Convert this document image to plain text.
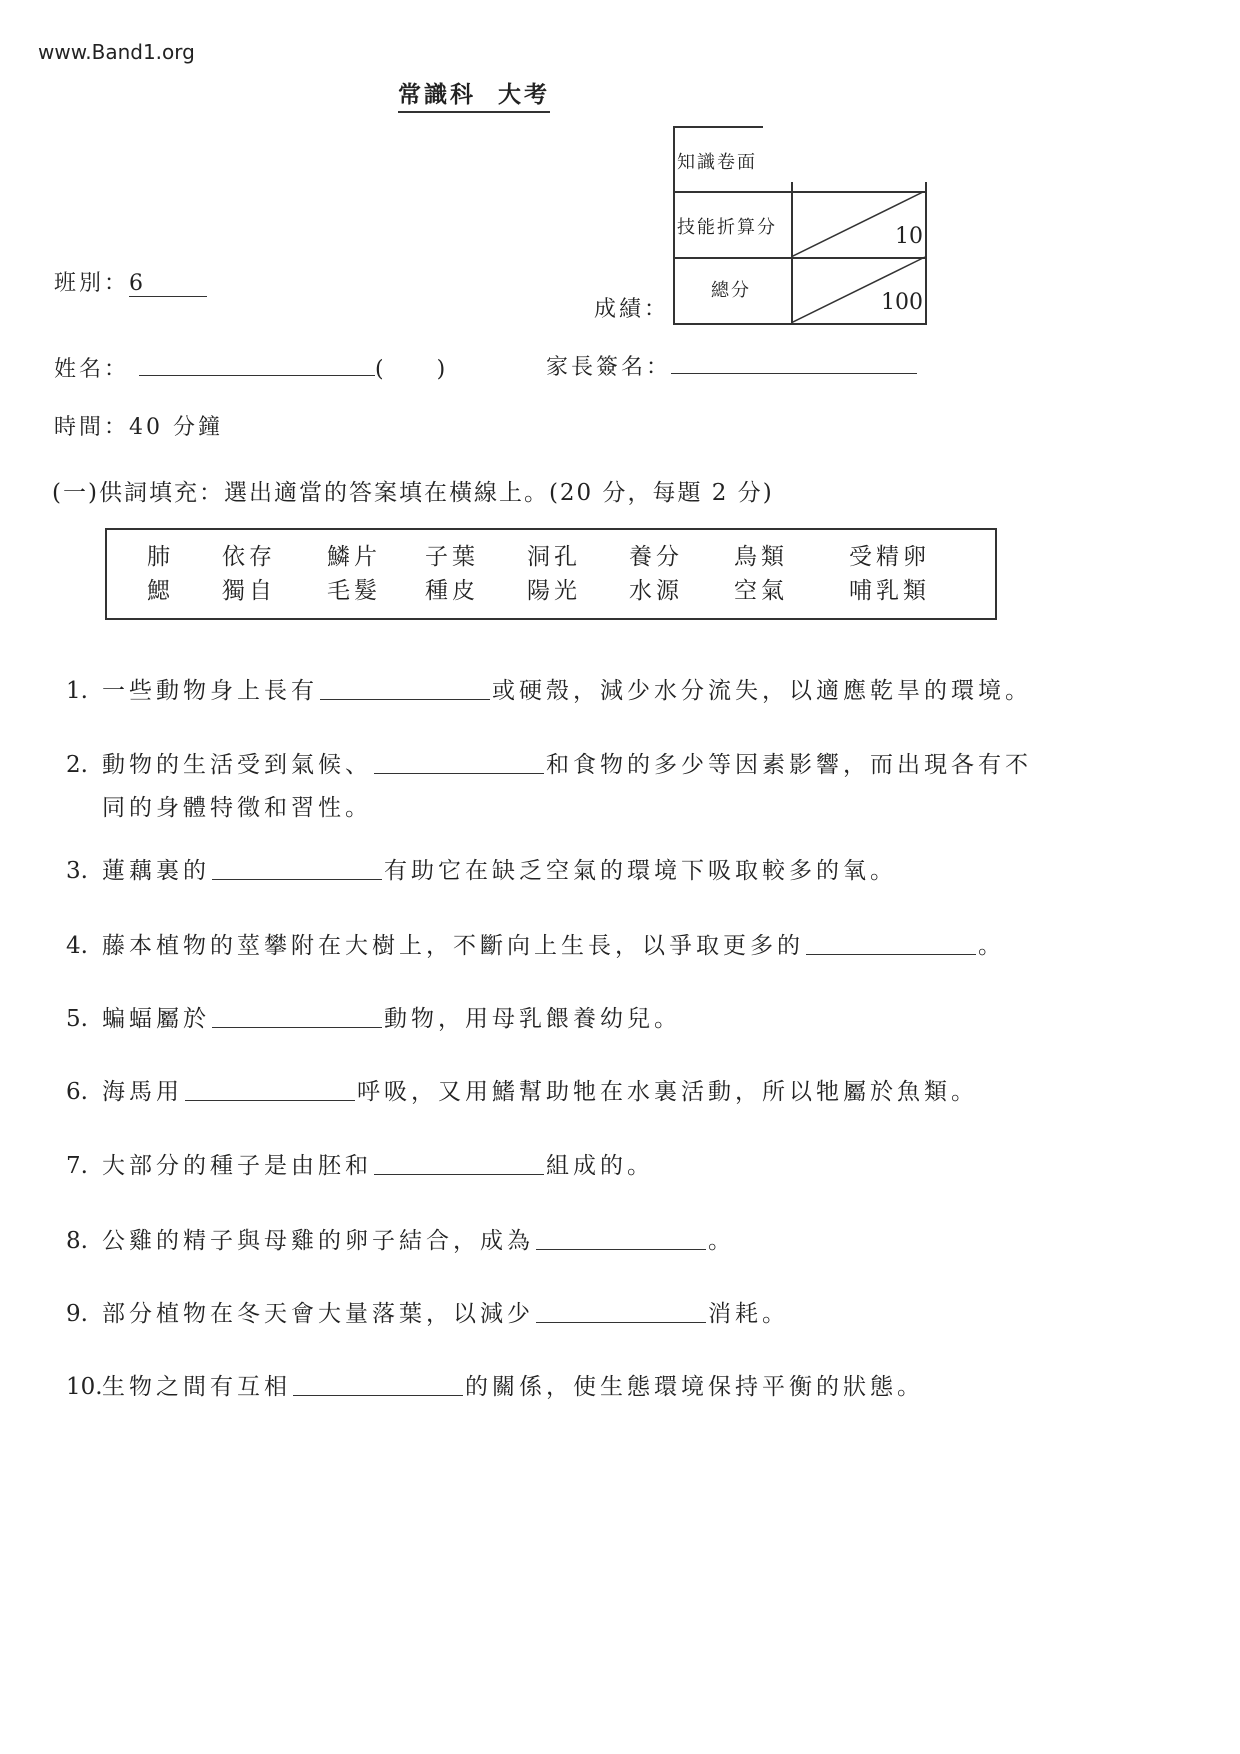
www.Band1.org
常識科 大考
知識卷面
技能折算分	10
總分	100
成績：
班別：6
姓名：	(　　)	家長簽名：
時間：40 分鐘
(一)供詞填充：選出適當的答案填在橫線上。(20 分，每題 2 分)
肺 依存 鱗片 子葉 洞孔 養分 鳥類	受精卵
鰓 獨自 毛髮 種皮 陽光 水源 空氣	哺乳類
1. 一些動物身上長有	或硬殼，減少水分流失，以適應乾旱的環境。
2. 動物的生活受到氣候、	和食物的多少等因素影響，而出現各有不
同的身體特徵和習性。
3. 蓮藕裏的	有助它在缺乏空氣的環境下吸取較多的氧。
4. 藤本植物的莖攀附在大樹上，不斷向上生長，以爭取更多的	。
5. 蝙蝠屬於	動物，用母乳餵養幼兒。
6. 海馬用	呼吸，又用鰭幫助牠在水裏活動，所以牠屬於魚類。
7. 大部分的種子是由胚和	組成的。
8. 公雞的精子與母雞的卵子結合，成為	。
9. 部分植物在冬天會大量落葉，以減少	消耗。
10.生物之間有互相	的關係，使生態環境保持平衡的狀態。
